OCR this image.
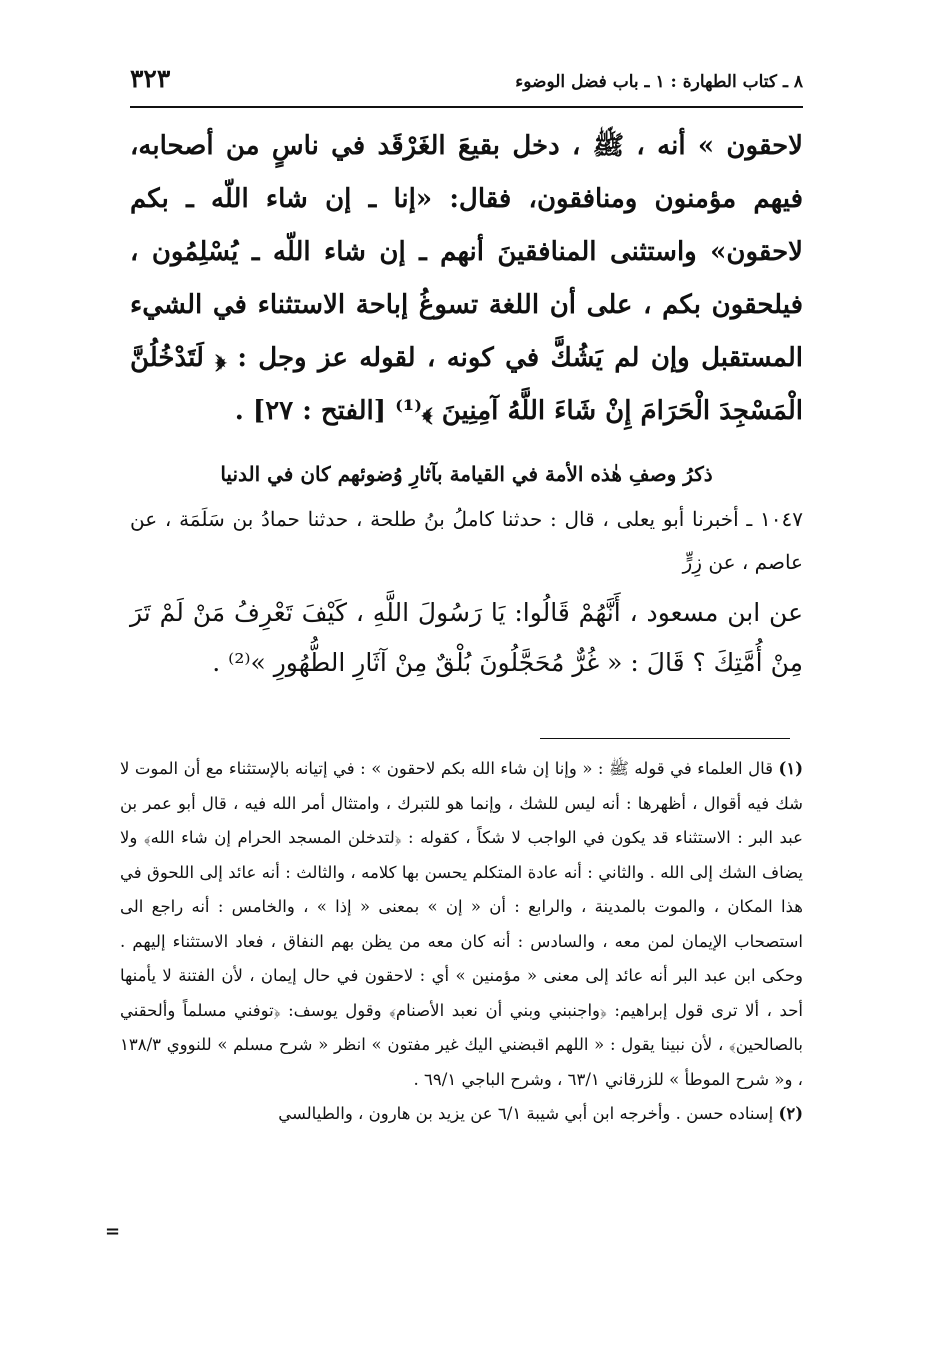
٨ ـ كتاب الطهارة : ١ ـ باب فضل الوضوء
٣٢٣

لاحقون » أنه ، ﷺ ، دخل بقيعَ الغَرْقَد في ناسٍ من أصحابه، فيهم مؤمنون ومنافقون، فقال: «إنا ـ إن شاء اللّه ـ بكم لاحقون» واستثنى المنافقينَ أنهم ـ إن شاء اللّه ـ يُسْلِمُون ، فيلحقون بكم ، على أن اللغة تسوغُ إباحة الاستثناء في الشيء المستقبل وإن لم يَشُكَّ في كونه ، لقوله عز وجل : ﴿ لَتَدْخُلُنَّ الْمَسْجِدَ الْحَرَامَ إِنْ شَاءَ اللَّهُ آمِنِينَ ﴾⁽¹⁾ [الفتح : ٢٧] .

ذكرُ وصفِ هٰذه الأمة في القيامة بآثارِ وُضوئهم كان في الدنيا

١٠٤٧ ـ أخبرنا أبو يعلى ، قال : حدثنا كاملُ بنُ طلحة ، حدثنا حمادُ بن سَلَمَة ، عن عاصم ، عن زِرٍّ

عن ابن مسعود ، أَنَّهُمْ قَالُوا: يَا رَسُولَ اللَّهِ ، كَيْفَ تَعْرِفُ مَنْ لَمْ تَرَ مِنْ أُمَّتِكَ ؟ قَالَ : « غُرٌّ مُحَجَّلُونَ بُلْقٌ مِنْ آثَارِ الطُّهُورِ »⁽²⁾ .

(١) قال العلماء في قوله ﷺ : « وإنا إن شاء الله بكم لاحقون » : في إتيانه بالإستثناء مع أن الموت لا شك فيه أقوال ، أظهرها : أنه ليس للشك ، وإنما هو للتبرك ، وامتثال أمر الله فيه ، قال أبو عمر بن عبد البر : الاستثناء قد يكون في الواجب لا شكاً ، كقوله : ﴿لتدخلن المسجد الحرام إن شاء الله﴾ ولا يضاف الشك إلى الله . والثاني : أنه عادة المتكلم يحسن بها كلامه ، والثالث : أنه عائد إلى اللحوق في هذا المكان ، والموت بالمدينة ، والرابع : أن « إن » بمعنى « إذا » ، والخامس : أنه راجع الى استصحاب الإيمان لمن معه ، والسادس : أنه كان معه من يظن بهم النفاق ، فعاد الاستثناء إليهم . وحكى ابن عبد البر أنه عائد إلى معنى « مؤمنين » أي : لاحقون في حال إيمان ، لأن الفتنة لا يأمنها أحد ، ألا ترى قول إبراهيم: ﴿واجنبني وبني أن نعبد الأصنام﴾ وقول يوسف: ﴿توفني مسلماً وألحقني بالصالحين﴾ ، لأن نبينا يقول : « اللهم اقبضني اليك غير مفتون » انظر « شرح مسلم » للنووي ١٣٨/٣ ، و« شرح الموطأ » للزرقاني ٦٣/١ ، وشرح الباجي ٦٩/١ .

(٢) إسناده حسن . وأخرجه ابن أبي شيبة ٦/١ عن يزيد بن هارون ، والطيالسي

=
